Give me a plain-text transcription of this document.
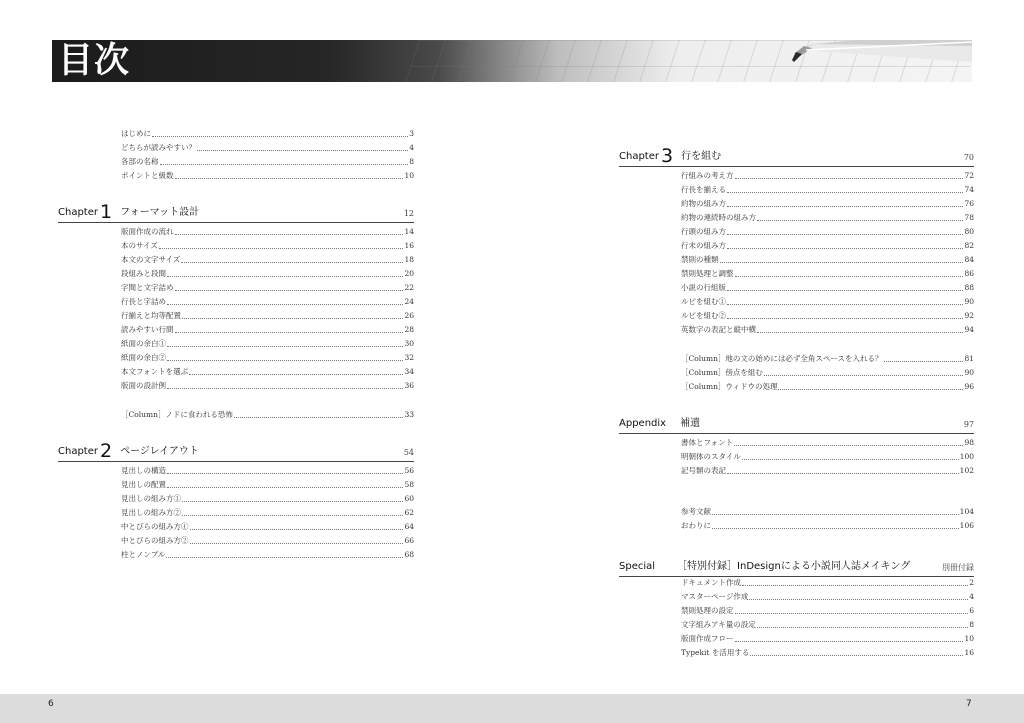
目次
はじめに	3
どちらが読みやすい？	4
各部の名称	8
ポイントと級数	10
Chapter 1 フォーマット設計	12
版面作成の流れ	14
本のサイズ	16
本文の文字サイズ	18
段組みと段間	20
字間と文字詰め	22
行長と字詰め	24
行揃えと均等配置	26
読みやすい行間	28
紙面の余白①	30
紙面の余白②	32
本文フォントを選ぶ	34
版面の設計例	36
［Column］ノドに食われる恐怖	33
Chapter 2 ページレイアウト	54
見出しの構造	56
見出しの配置	58
見出しの組み方①	60
見出しの組み方②	62
中とびらの組み方①	64
中とびらの組み方②	66
柱とノンブル	68
Chapter 3 行を組む	70
行組みの考え方	72
行長を揃える	74
約物の組み方	76
約物の連続時の組み方	78
行頭の組み方	80
行末の組み方	82
禁則の種類	84
禁則処理と調整	86
小説の行組版	88
ルビを組む①	90
ルビを組む②	92
英数字の表記と縦中横	94
［Column］地の文の始めには必ず全角スペースを入れる？	81
［Column］傍点を組む	90
［Column］ウィドウの処理	96
Appendix 補遺	97
書体とフォント	98
明朝体のスタイル	100
記号類の表記	102
参考文献	104
おわりに	106
Special ［特別付録］InDesignによる小説同人誌メイキング	別冊付録
ドキュメント作成	2
マスターページ作成	4
禁則処理の設定	6
文字組みアキ量の設定	8
版面作成フロー	10
Typekit を活用する	16
6	7
